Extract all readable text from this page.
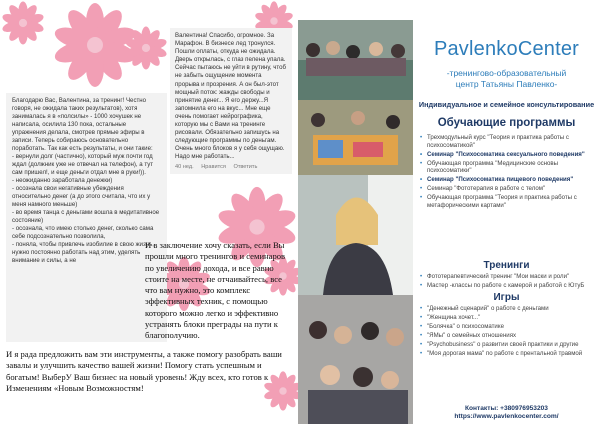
Благодарю Вас, Валентина, за тренинг! Честно говоря, не ожидала таких результатов), хотя занималась я в «полсилы» - 1000 хочушек не написала, осилила 130 пока, остальные упражнения делала, смотрев прямые эфиры в записи. Теперь собираюсь основательно поработать. Так как есть результаты, и они такие:
- вернули долг (частично), который муж почти год ждал (должник уже не отвечал на телефон), а тут сам пришел!, и еще деньги отдал мне в руки!)).
- неожиданно заработала денежки)
- осознала свои негативные убеждения относительно денег (а до этого считала, что их у меня намного меньше)
- во время танца с деньгами вошла в медитативное состояние)
- осознала, что имею столько денег, сколько сама себе подсознательно позволила,
- поняла, чтобы привлечь изобилие в свою жизнь, нужно постоянно работать над этим, уделять внимание и силы, а не

Валентина! Спасибо, огромное. За Марафон. В бизнесе лед тронулся. Пошли оплаты, откуда не ожидала. Дверь открылась, с глаз пелена упала. Сейчас пытаюсь не уйти в рутину, чтоб не забыть ощущение момента прорыва и прозрения. А он был-этот мощный поток: жажды свободы и принятие денег... Я его держу...Я запомнила его на вкус... Мне еще очень помогает нейрографика, которую мы с Вами на тренинге рисовали. Обязательно запишусь на следующие программы по деньгам. Очень много блоков я у себя ощущаю. Надо мне работать...

40 нед. Нравится Ответить
И в заключение хочу сказать, если Вы прошли много тренингов и семинаров по увеличению дохода, и все равно стоите на месте, не отчаивайтесь, все что вам нужно, это комплекс эффективных техник, с помощью которого можно легко и эффективно устранять блоки преграды на пути к благополучию.
И я рада предложить вам эти инструменты, а также помогу разобрать ваши завалы и улучшить качество вашей жизни! Помогу стать успешным и богатым! ВыберУ Ваш бизнес на новый уровень! Жду всех, кто готов к Изменениям «Новым Возможностям!
PavlenkoCenter
-тренингово-образовательный
центр Татьяны Павленко-
Индивидуальное и семейное консультирование
Обучающие программы
• Трехмодульный курс "Теория и практика работы с психосоматикой"
• Семинар "Психосоматика сексуального поведения"
• Обучающая программа "Медицинские основы психосоматики"
• Семинар "Психосоматика пищевого поведения"
• Семинар "Фототерапия в работе с телом"
• Обучающая программа "Теория и практика работы с метафорическими картами"
Тренинги
• Фототерапевтический тренинг "Мои маски и роли"
• Мастер -классы по работе с камерой и работой с ЮтуБ
Игры
• "Денежный сценарий" о работе с деньгами
• "Женщина хочет..."
• "Болячка" о психосоматике
• "ЯМы" о семейных отношениях
• "Psychobusiness" о развитии своей практики и другие
• "Моя дорогая мама" по работе с прентальной травмой
Контакты: +380976953203
https://www.pavlenkocenter.com/
